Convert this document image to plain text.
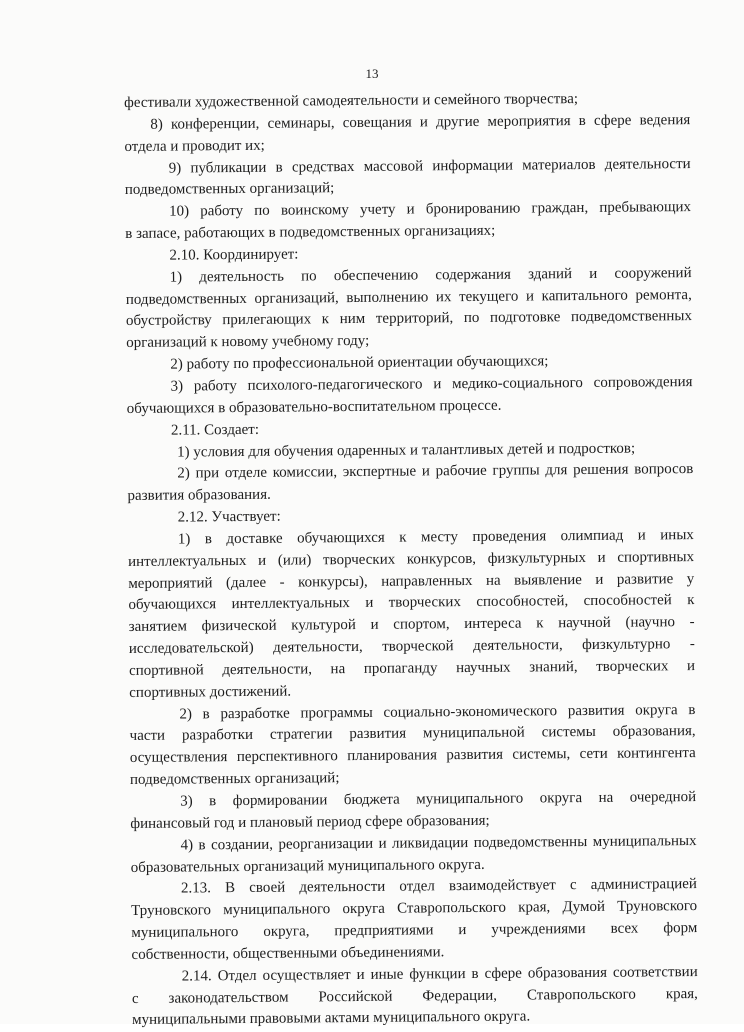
13
фестивали художественной самодеятельности и семейного творчества;
8) конференции, семинары, совещания и другие мероприятия в сфере ведения
отдела и проводит их;
9) публикации в средствах массовой информации материалов деятельности
подведомственных организаций;
10) работу по воинскому учету и бронированию граждан, пребывающих
в запасе, работающих в подведомственных организациях;
2.10. Координирует:
1) деятельность по обеспечению содержания зданий и сооружений
подведомственных организаций, выполнению их текущего и капитального ремонта,
обустройству прилегающих к ним территорий, по подготовке подведомственных
организаций к новому учебному году;
2) работу по профессиональной ориентации обучающихся;
3) работу психолого-педагогического и медико-социального сопровождения
обучающихся в образовательно-воспитательном процессе.
2.11. Создает:
1) условия для обучения одаренных и талантливых детей и подростков;
2) при отделе комиссии, экспертные и рабочие группы для решения вопросов
развития образования.
2.12. Участвует:
1) в доставке обучающихся к месту проведения олимпиад и иных
интеллектуальных и (или) творческих конкурсов, физкультурных и спортивных
мероприятий (далее - конкурсы), направленных на выявление и развитие у
обучающихся интеллектуальных и творческих способностей, способностей к
занятием физической культурой и спортом, интереса к научной (научно -
исследовательской) деятельности, творческой деятельности, физкультурно -
спортивной деятельности, на пропаганду научных знаний, творческих и
спортивных достижений.
2) в разработке программы социально-экономического развития округа в
части разработки стратегии развития муниципальной системы образования,
осуществления перспективного планирования развития системы, сети контингента
подведомственных организаций;
3) в формировании бюджета муниципального округа на очередной
финансовый год и плановый период сфере образования;
4) в создании, реорганизации и ликвидации подведомственны муниципальных
образовательных организаций муниципального округа.
2.13. В своей деятельности отдел взаимодействует с администрацией
Труновского муниципального округа Ставропольского края, Думой Труновского
муниципального округа, предприятиями и учреждениями всех форм
собственности, общественными объединениями.
2.14. Отдел осуществляет и иные функции в сфере образования соответствии
с законодательством Российской Федерации, Ставропольского края,
муниципальными правовыми актами муниципального округа.
